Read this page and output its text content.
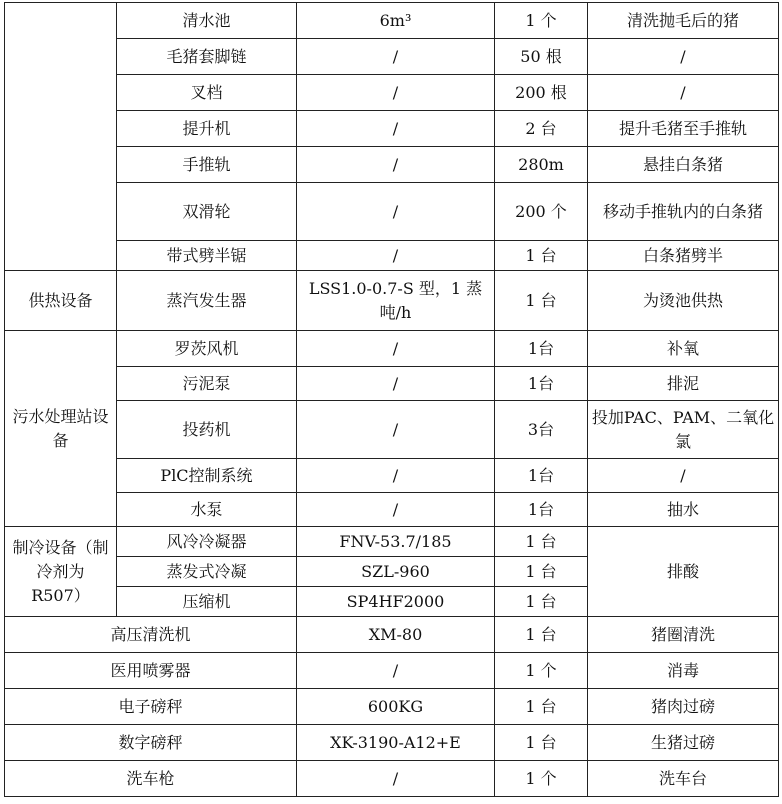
	清水池	6m³	1 个	清洗抛毛后的猪
	毛猪套脚链	/	50 根	/
	叉档	/	200 根	/
	提升机	/	2 台	提升毛猪至手推轨
	手推轨	/	280m	悬挂白条猪
	双滑轮	/	200 个	移动手推轨内的白条猪
	带式劈半锯	/	1 台	白条猪劈半
供热设备	蒸汽发生器	LSS1.0-0.7-S 型，1 蒸吨/h	1 台	为烫池供热
污水处理站设备	罗茨风机	/	1台	补氧
	污泥泵	/	1台	排泥
	投药机	/	3台	投加PAC、PAM、二氧化氯
	PlC控制系统	/	1台	/
	水泵	/	1台	抽水
制冷设备（制冷剂为 R507）	风冷冷凝器	FNV-53.7/185	1 台	排酸
	蒸发式冷凝	SZL-960	1 台	
	压缩机	SP4HF2000	1 台	
高压清洗机		XM-80	1 台	猪圈清洗
医用喷雾器		/	1 个	消毒
电子磅秤		600KG	1 台	猪肉过磅
数字磅秤		XK-3190-A12+E	1 台	生猪过磅
洗车枪		/	1 个	洗车台
